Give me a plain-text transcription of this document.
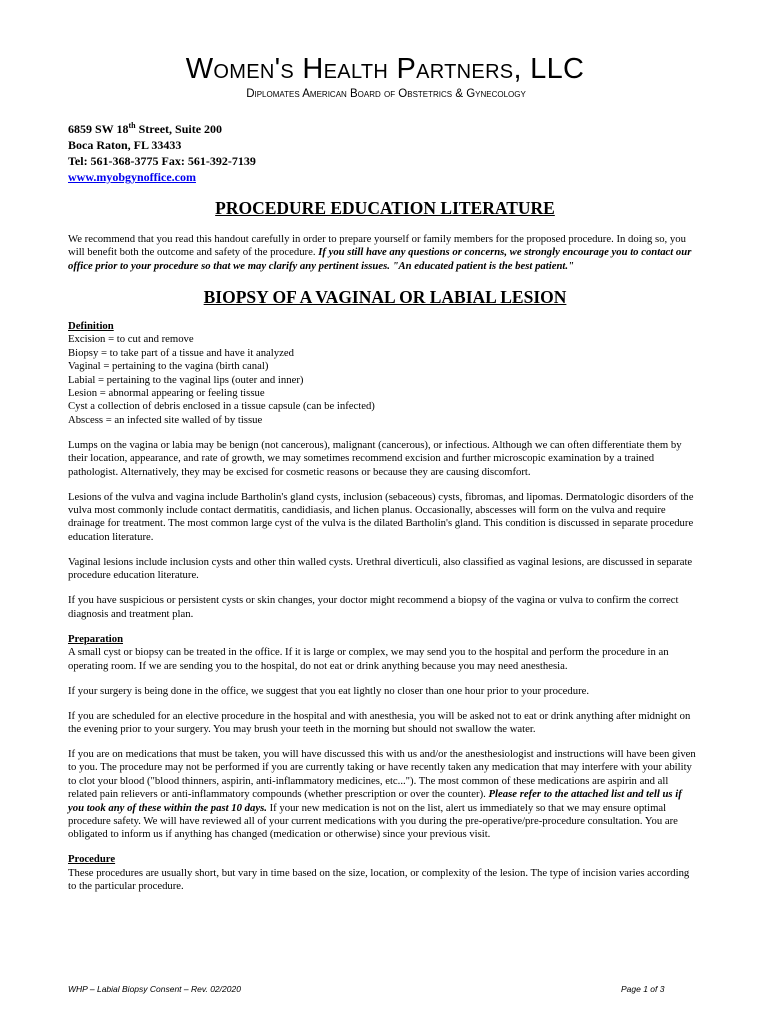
Women's Health Partners, LLC
Diplomates American Board of Obstetrics & Gynecology
6859 SW 18th Street, Suite 200
Boca Raton, FL 33433
Tel: 561-368-3775 Fax: 561-392-7139
www.myobgynoffice.com
PROCEDURE EDUCATION LITERATURE

We recommend that you read this handout carefully in order to prepare yourself or family members for the proposed procedure. In doing so, you will benefit both the outcome and safety of the procedure. If you still have any questions or concerns, we strongly encourage you to contact our office prior to your procedure so that we may clarify any pertinent issues. "An educated patient is the best patient."

BIOPSY OF A VAGINAL OR LABIAL LESION
Definition
Excision = to cut and remove
Biopsy = to take part of a tissue and have it analyzed
Vaginal = pertaining to the vagina (birth canal)
Labial = pertaining to the vaginal lips (outer and inner)
Lesion = abnormal appearing or feeling tissue
Cyst a collection of debris enclosed in a tissue capsule (can be infected)
Abscess = an infected site walled of by tissue

Lumps on the vagina or labia may be benign (not cancerous), malignant (cancerous), or infectious. Although we can often differentiate them by their location, appearance, and rate of growth, we may sometimes recommend excision and further microscopic examination by a trained pathologist. Alternatively, they may be excised for cosmetic reasons or because they are causing discomfort.

Lesions of the vulva and vagina include Bartholin's gland cysts, inclusion (sebaceous) cysts, fibromas, and lipomas. Dermatologic disorders of the vulva most commonly include contact dermatitis, candidiasis, and lichen planus. Occasionally, abscesses will form on the vulva and require drainage for treatment. The most common large cyst of the vulva is the dilated Bartholin's gland. This condition is discussed in separate procedure education literature.

Vaginal lesions include inclusion cysts and other thin walled cysts. Urethral diverticuli, also classified as vaginal lesions, are discussed in separate procedure education literature.

If you have suspicious or persistent cysts or skin changes, your doctor might recommend a biopsy of the vagina or vulva to confirm the correct diagnosis and treatment plan.

Preparation

A small cyst or biopsy can be treated in the office. If it is large or complex, we may send you to the hospital and perform the procedure in an operating room. If we are sending you to the hospital, do not eat or drink anything because you may need anesthesia.

If your surgery is being done in the office, we suggest that you eat lightly no closer than one hour prior to your procedure.

If you are scheduled for an elective procedure in the hospital and with anesthesia, you will be asked not to eat or drink anything after midnight on the evening prior to your surgery. You may brush your teeth in the morning but should not swallow the water.

If you are on medications that must be taken, you will have discussed this with us and/or the anesthesiologist and instructions will have been given to you. The procedure may not be performed if you are currently taking or have recently taken any medication that may interfere with your ability to clot your blood ("blood thinners, aspirin, anti-inflammatory medicines, etc..."). The most common of these medications are aspirin and all related pain relievers or anti-inflammatory compounds (whether prescription or over the counter). Please refer to the attached list and tell us if you took any of these within the past 10 days. If your new medication is not on the list, alert us immediately so that we may ensure optimal procedure safety. We will have reviewed all of your current medications with you during the pre-operative/pre-procedure consultation. You are obligated to inform us if anything has changed (medication or otherwise) since your previous visit.

Procedure

These procedures are usually short, but vary in time based on the size, location, or complexity of the lesion. The type of incision varies according to the particular procedure.

WHP – Labial Biopsy Consent – Rev. 02/2020	Page 1 of 3
